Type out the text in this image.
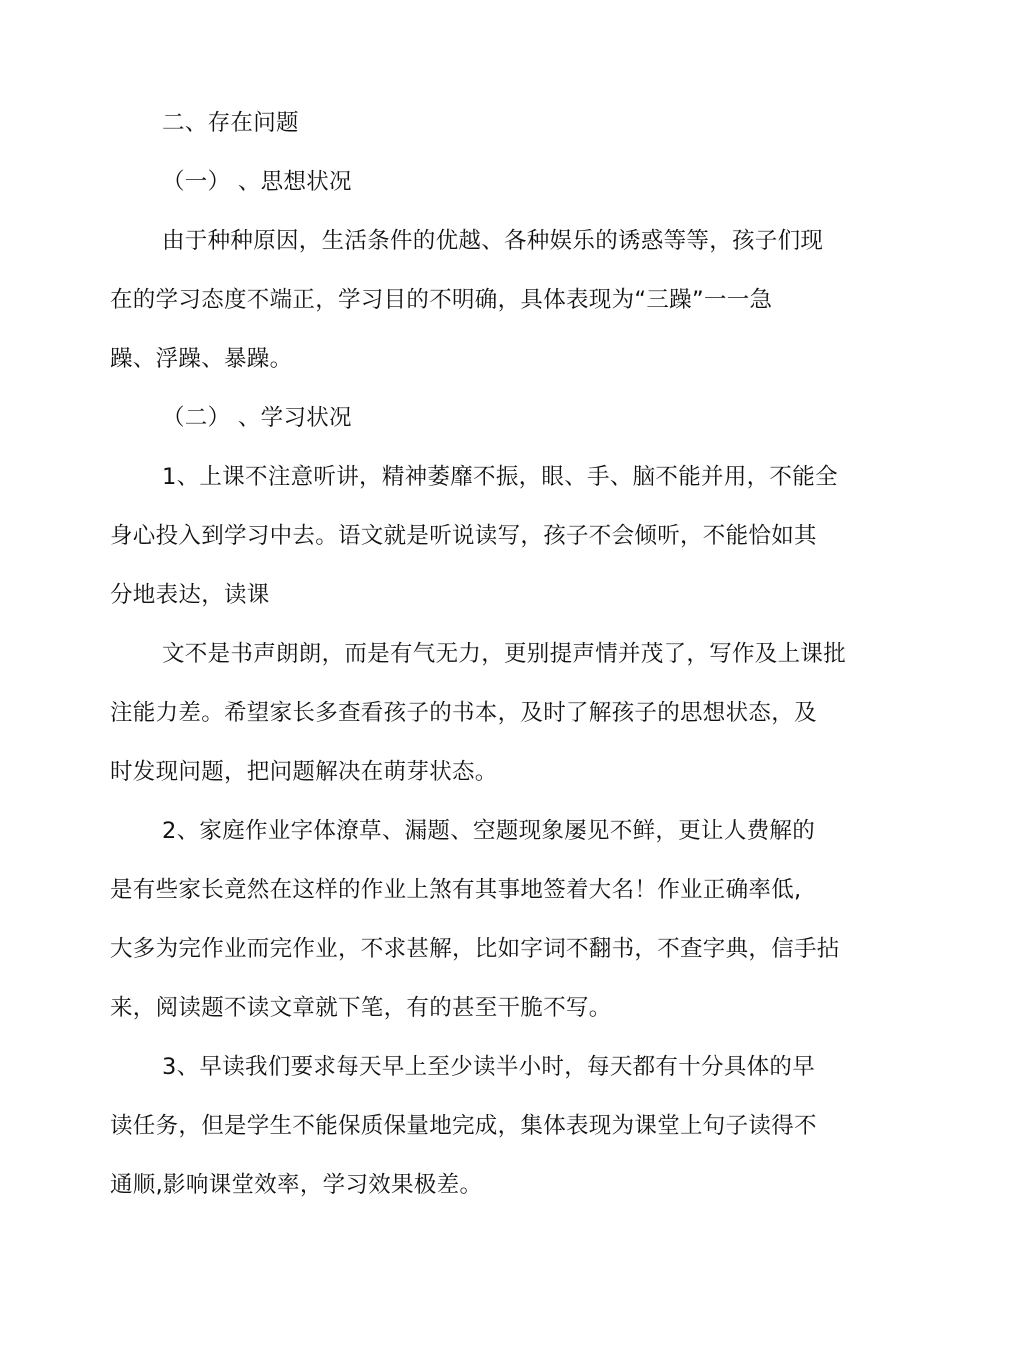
二、存在问题

（一） 、思想状况

由于种种原因，生活条件的优越、各种娱乐的诱惑等等，孩子们现

在的学习态度不端正，学习目的不明确，具体表现为“三躁”一一急

躁、浮躁、暴躁。

（二） 、学习状况

1、上课不注意听讲，精神萎靡不振，眼、手、脑不能并用，不能全

身心投入到学习中去。语文就是听说读写，孩子不会倾听，不能恰如其

分地表达，读课

文不是书声朗朗，而是有气无力，更别提声情并茂了，写作及上课批

注能力差。希望家长多查看孩子的书本，及时了解孩子的思想状态，及

时发现问题，把问题解决在萌芽状态。

2、家庭作业字体潦草、漏题、空题现象屡见不鲜，更让人费解的

是有些家长竟然在这样的作业上煞有其事地签着大名！作业正确率低,

大多为完作业而完作业，不求甚解，比如字词不翻书，不查字典，信手拈

来，阅读题不读文章就下笔，有的甚至干脆不写。

3、早读我们要求每天早上至少读半小时，每天都有十分具体的早

读任务，但是学生不能保质保量地完成，集体表现为课堂上句子读得不

通顺,影响课堂效率，学习效果极差。
